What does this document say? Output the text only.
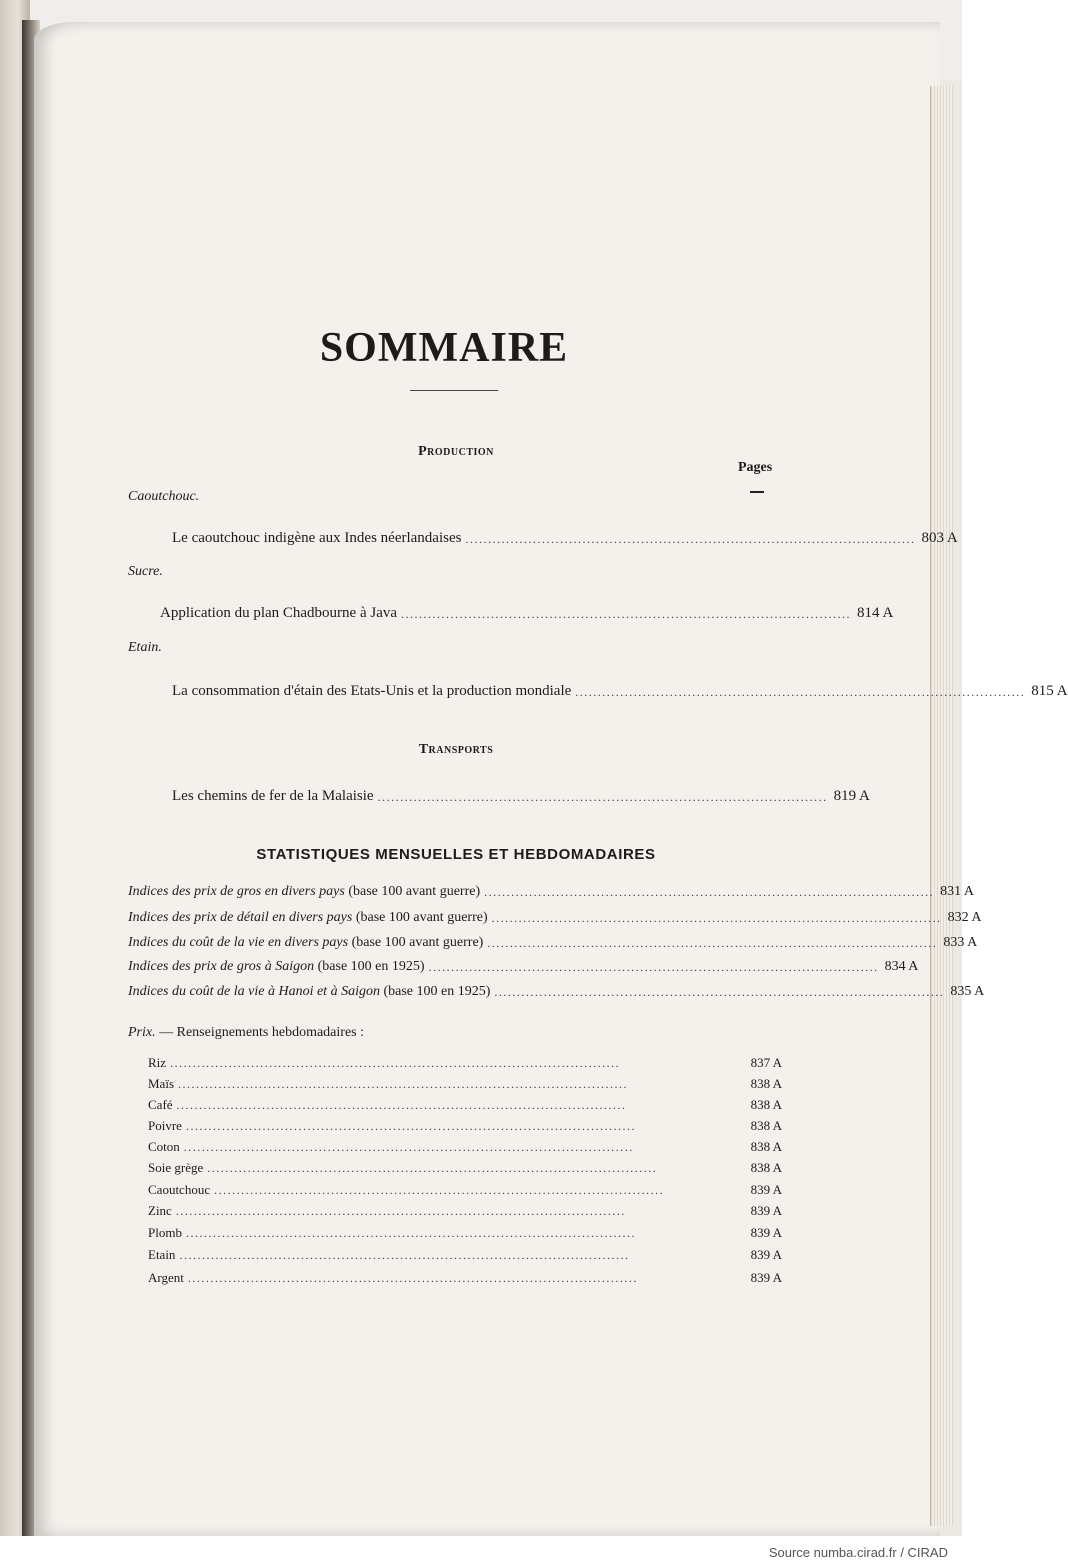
SOMMAIRE
Production
Pages
Caoutchouc.
Le caoutchouc indigène aux Indes néerlandaises .................................................................................................... 803 A
Sucre.
Application du plan Chadbourne à Java .................................................................................................... 814 A
Etain.
La consommation d'étain des Etats-Unis et la production mondiale .................................................................................................... 815 A
Transports
Les chemins de fer de la Malaisie .................................................................................................... 819 A
STATISTIQUES MENSUELLES ET HEBDOMADAIRES
Indices des prix de gros en divers pays (base 100 avant guerre) .................................................................................................... 831 A
Indices des prix de détail en divers pays (base 100 avant guerre) .................................................................................................... 832 A
Indices du coût de la vie en divers pays (base 100 avant guerre) .................................................................................................... 833 A
Indices des prix de gros à Saigon (base 100 en 1925) .................................................................................................... 834 A
Indices du coût de la vie à Hanoi et à Saigon (base 100 en 1925) .................................................................................................... 835 A
Prix. — Renseignements hebdomadaires :
Riz ....................................................................................................	837 A
Maïs ....................................................................................................	838 A
Café ....................................................................................................	838 A
Poivre ....................................................................................................	838 A
Coton ....................................................................................................	838 A
Soie grège ....................................................................................................	838 A
Caoutchouc ....................................................................................................	839 A
Zinc ....................................................................................................	839 A
Plomb ....................................................................................................	839 A
Etain ....................................................................................................	839 A
Argent ....................................................................................................	839 A
Source numba.cirad.fr / CIRAD
